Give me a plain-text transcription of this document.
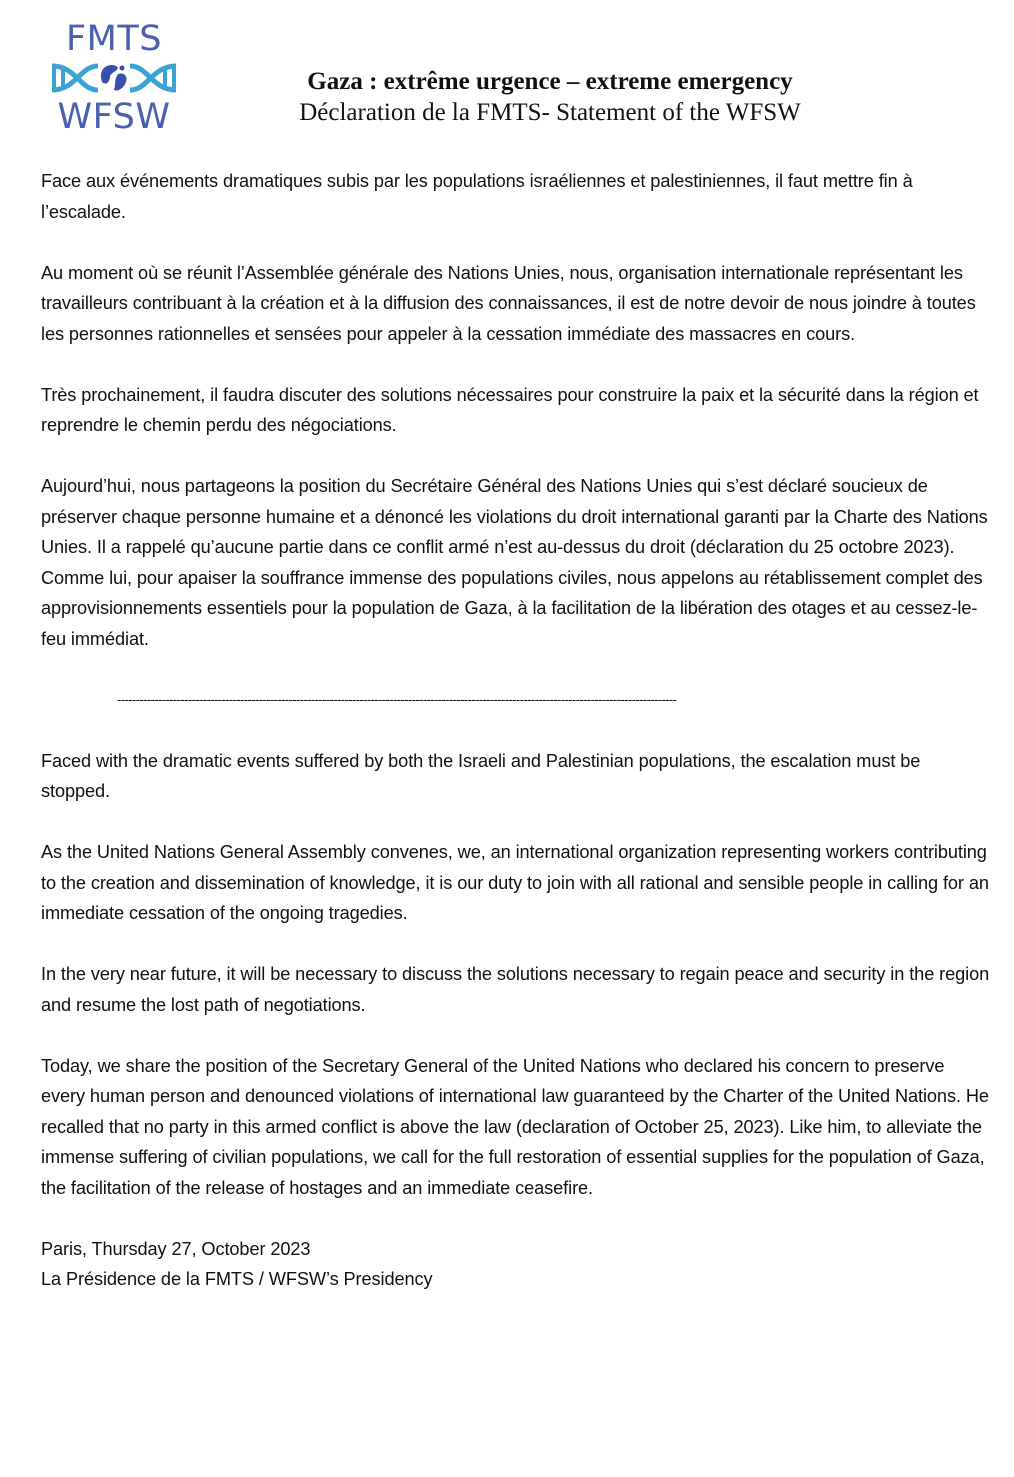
FMTS
WFSW
Gaza : extrême urgence – extreme emergency
Déclaration de la FMTS- Statement of the WFSW

Face aux événements dramatiques subis par les populations israéliennes et palestiniennes, il faut mettre fin à l’escalade.

Au moment où se réunit l’Assemblée générale des Nations Unies, nous, organisation internationale représentant les travailleurs contribuant à la création et à la diffusion des connaissances, il est de notre devoir de nous joindre à toutes les personnes rationnelles et sensées pour appeler à la cessation immédiate des massacres en cours.

Très prochainement, il faudra discuter des solutions nécessaires pour construire la paix et la sécurité dans la région et reprendre le chemin perdu des négociations.

Aujourd’hui, nous partageons la position du Secrétaire Général des Nations Unies qui s’est déclaré soucieux de préserver chaque personne humaine et a dénoncé les violations du droit international garanti par la Charte des Nations Unies. Il a rappelé qu’aucune partie dans ce conflit armé n’est au-dessus du droit (déclaration du 25 octobre 2023). Comme lui, pour apaiser la souffrance immense des populations civiles, nous appelons au rétablissement complet des approvisionnements essentiels pour la population de Gaza, à la facilitation de la libération des otages et au cessez-le-feu immédiat.

------------------------------------------------------------------------------------------------------------------------------------------------------

Faced with the dramatic events suffered by both the Israeli and Palestinian populations, the escalation must be stopped.

As the United Nations General Assembly convenes, we, an international organization representing workers contributing to the creation and dissemination of knowledge, it is our duty to join with all rational and sensible people in calling for an immediate cessation of the ongoing tragedies.

In the very near future, it will be necessary to discuss the solutions necessary to regain peace and security in the region and resume the lost path of negotiations.

Today, we share the position of the Secretary General of the United Nations who declared his concern to preserve every human person and denounced violations of international law guaranteed by the Charter of the United Nations. He recalled that no party in this armed conflict is above the law (declaration of October 25, 2023). Like him, to alleviate the immense suffering of civilian populations, we call for the full restoration of essential supplies for the population of Gaza, the facilitation of the release of hostages and an immediate ceasefire.

Paris, Thursday 27, October 2023

La Présidence de la FMTS / WFSW’s Presidency
